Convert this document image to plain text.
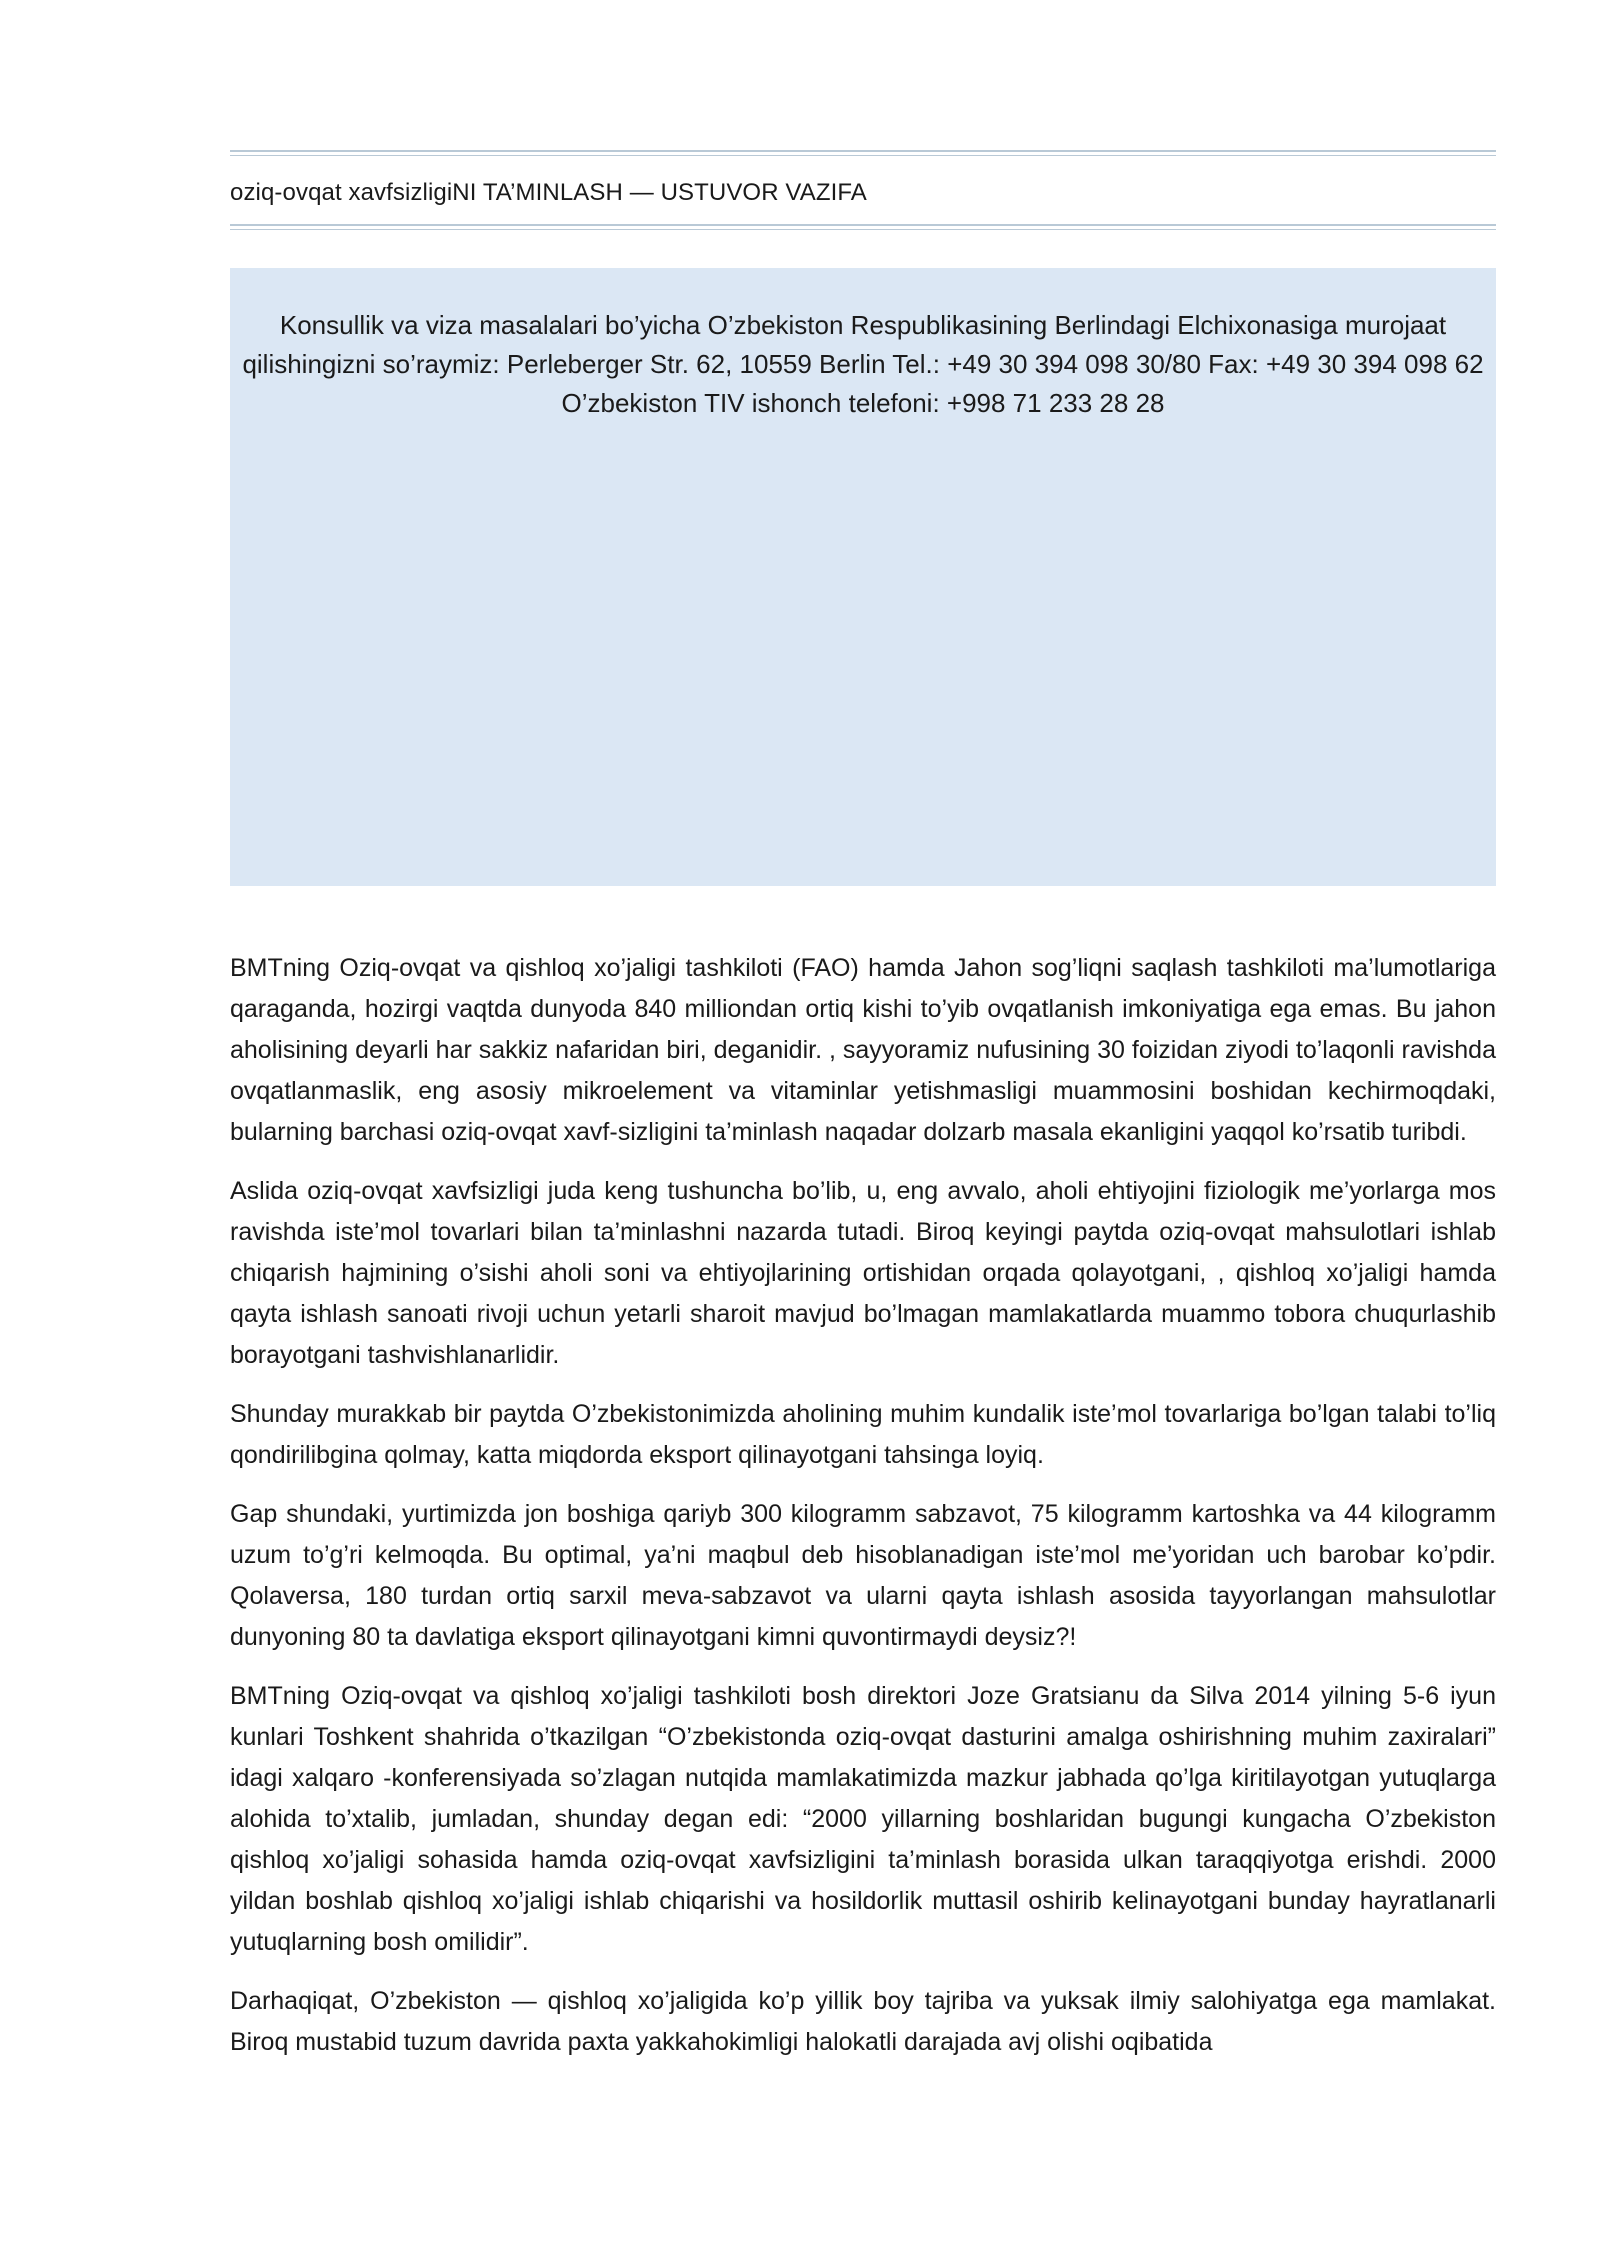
oziq-ovqat xavfsizligiNI TA’MINLASH — USTUVOR VAZIFA

Konsullik va viza masalalari bo’yicha O’zbekiston Respublikasining Berlindagi Elchixonasiga murojaat qilishingizni so’raymiz: Perleberger Str. 62, 10559 Berlin Tel.: +49 30 394 098 30/80 Fax: +49 30 394 098 62

O’zbekiston TIV ishonch telefoni: +998 71 233 28 28

BMTning Oziq-ovqat va qishloq xo’jaligi tashkiloti (FAO) hamda Jahon sog’liqni saqlash tashkiloti ma’lumotlariga qaraganda, hozirgi vaqtda dunyoda 840 milliondan ortiq kishi to’yib ovqatlanish imkoniyatiga ega emas. Bu jahon aholisining deyarli har sakkiz nafaridan biri, deganidir. , sayyoramiz nufusining 30 foizidan ziyodi to’laqonli ravishda ovqatlanmaslik, eng asosiy mikroelement va vitaminlar yetishmasligi muammosini boshidan kechirmoqdaki, bularning barchasi oziq-ovqat xavf-sizligini ta’minlash naqadar dolzarb masala ekanligini yaqqol ko’rsatib turibdi.

Aslida oziq-ovqat xavfsizligi juda keng tushuncha bo’lib, u, eng avvalo, aholi ehtiyojini fiziologik me’yorlarga mos ravishda iste’mol tovarlari bilan ta’minlashni nazarda tutadi. Biroq keyingi paytda oziq-ovqat mahsulotlari ishlab chiqarish hajmining o’sishi aholi soni va ehtiyojlarining ortishidan orqada qolayotgani, , qishloq xo’jaligi hamda qayta ishlash sanoati rivoji uchun yetarli sharoit mavjud bo’lmagan mamlakatlarda muammo tobora chuqurlashib borayotgani tashvishlanarlidir.

Shunday murakkab bir paytda O’zbekistonimizda aholining muhim kundalik iste’mol tovarlariga bo’lgan talabi to’liq qondirilibgina qolmay, katta miqdorda eksport qilinayotgani tahsinga loyiq.

Gap shundaki, yurtimizda jon boshiga qariyb 300 kilogramm sabzavot, 75 kilogramm kartoshka va 44 kilogramm uzum to’g’ri kelmoqda. Bu optimal, ya’ni maqbul deb hisoblanadigan iste’mol me’yoridan uch barobar ko’pdir. Qolaversa, 180 turdan ortiq sarxil meva-sabzavot va ularni qayta ishlash asosida tayyorlangan mahsulotlar dunyoning 80 ta davlatiga eksport qilinayotgani kimni quvontirmaydi deysiz?!

BMTning Oziq-ovqat va qishloq xo’jaligi tashkiloti bosh direktori Joze Gratsianu da Silva 2014 yilning 5-6 iyun kunlari Toshkent shahrida o’tkazilgan “O’zbekistonda oziq-ovqat dasturini amalga oshirishning muhim zaxiralari” idagi xalqaro -konferensiyada so’zlagan nutqida mamlakatimizda mazkur jabhada qo’lga kiritilayotgan yutuqlarga alohida to’xtalib, jumladan, shunday degan edi: “2000 yillarning boshlaridan bugungi kungacha O’zbekiston qishloq xo’jaligi sohasida hamda oziq-ovqat xavfsizligini ta’minlash borasida ulkan taraqqiyotga erishdi. 2000 yildan boshlab qishloq xo’jaligi ishlab chiqarishi va hosildorlik muttasil oshirib kelinayotgani bunday hayratlanarli yutuqlarning bosh omilidir”.

Darhaqiqat, O’zbekiston — qishloq xo’jaligida ko’p yillik boy tajriba va yuksak ilmiy salohiyatga ega mamlakat. Biroq mustabid tuzum davrida paxta yakkahokimligi halokatli darajada avj olishi oqibatida
